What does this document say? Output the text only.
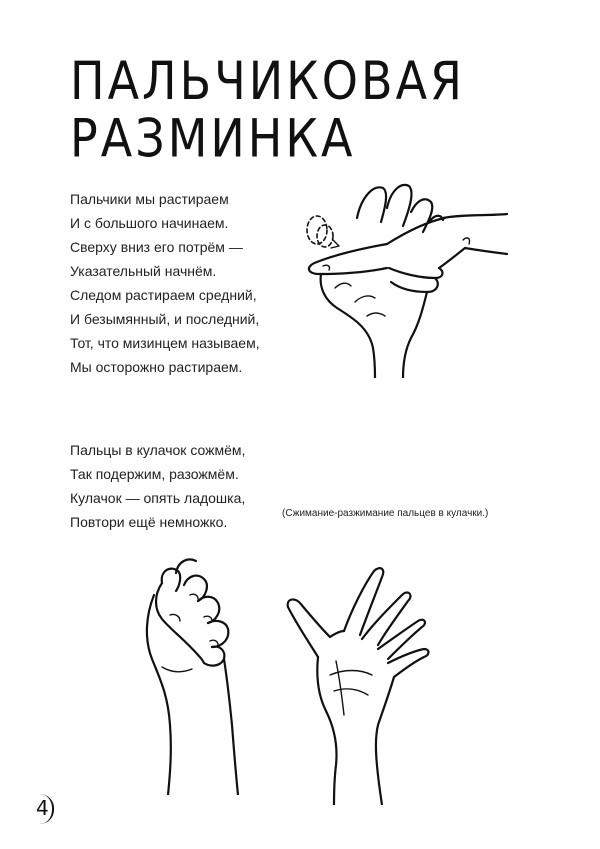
ПАЛЬЧИКОВАЯ
РАЗМИНКА

Пальчики мы растираем

И с большого начинаем.

Сверху вниз его потрём —

Указательный начнём.

Следом растираем средний,

И безымянный, и последний,

Тот, что мизинцем называем,

Мы осторожно растираем.

Пальцы в кулачок сожмём,

Так подержим, разожмём.

Кулачок — опять ладошка,

Повтори ещё немножко.

(Сжимание-разжимание пальцев в кулачки.)
4
